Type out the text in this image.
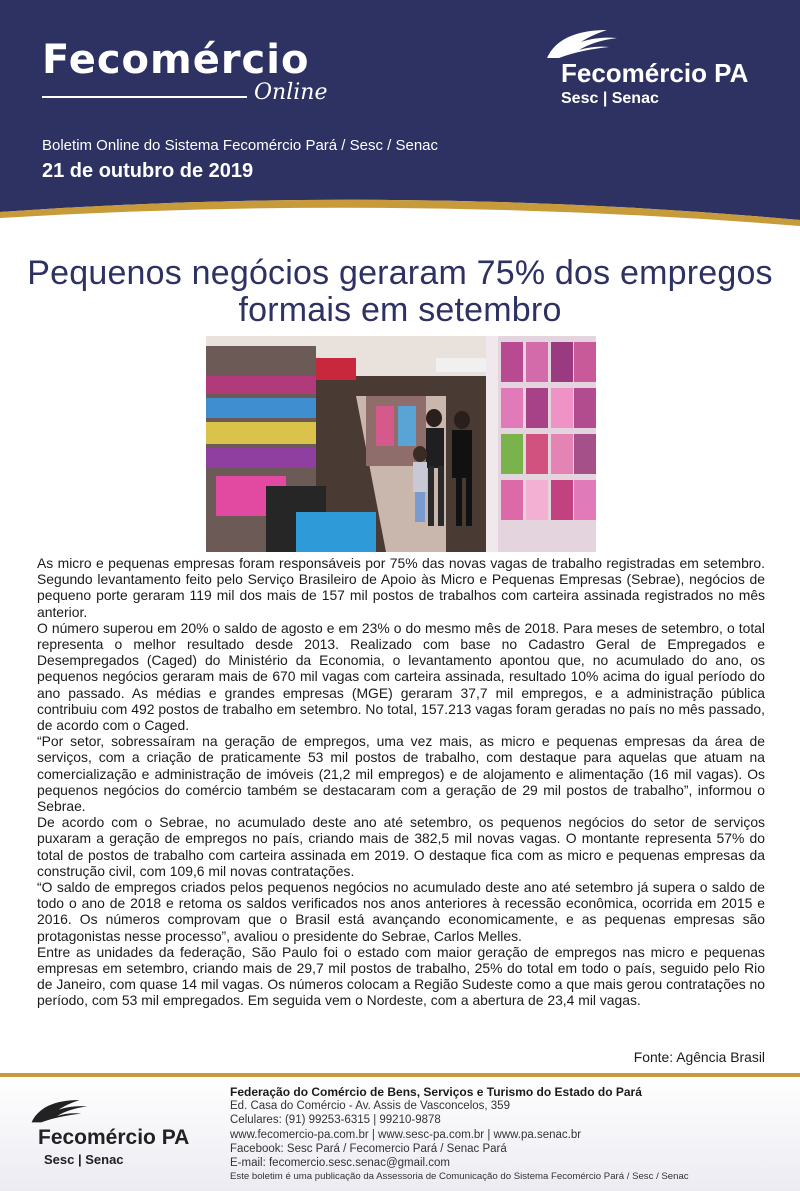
Fecomércio
Online
Fecomércio PA
Sesc | Senac
Boletim Online do Sistema Fecomércio Pará / Sesc / Senac
21 de outubro de 2019
Pequenos negócios geraram 75% dos empregos formais em setembro

As micro e pequenas empresas foram responsáveis por 75% das novas vagas de trabalho registradas em setembro. Segundo levantamento feito pelo Serviço Brasileiro de Apoio às Micro e Pequenas Empresas (Sebrae), negócios de pequeno porte geraram 119 mil dos mais de 157 mil postos de trabalhos com carteira assinada registrados no mês anterior.

O número superou em 20% o saldo de agosto e em 23% o do mesmo mês de 2018. Para meses de setembro, o total representa o melhor resultado desde 2013. Realizado com base no Cadastro Geral de Empregados e Desempregados (Caged) do Ministério da Economia, o levantamento apontou que, no acumulado do ano, os pequenos negócios geraram mais de 670 mil vagas com carteira assinada, resultado 10% acima do igual período do ano passado. As médias e grandes empresas (MGE) geraram 37,7 mil empregos, e a administração pública contribuiu com 492 postos de trabalho em setembro. No total, 157.213 vagas foram geradas no país no mês passado, de acordo com o Caged.

“Por setor, sobressaíram na geração de empregos, uma vez mais, as micro e pequenas empresas da área de serviços, com a criação de praticamente 53 mil postos de trabalho, com destaque para aquelas que atuam na comercialização e administração de imóveis (21,2 mil empregos) e de alojamento e alimentação (16 mil vagas). Os pequenos negócios do comércio também se destacaram com a geração de 29 mil postos de trabalho”, informou o Sebrae.

De acordo com o Sebrae, no acumulado deste ano até setembro, os pequenos negócios do setor de serviços puxaram a geração de empregos no país, criando mais de 382,5 mil novas vagas. O montante representa 57% do total de postos de trabalho com carteira assinada em 2019. O destaque fica com as micro e pequenas empresas da construção civil, com 109,6 mil novas contratações.

“O saldo de empregos criados pelos pequenos negócios no acumulado deste ano até setembro já supera o saldo de todo o ano de 2018 e retoma os saldos verificados nos anos anteriores à recessão econômica, ocorrida em 2015 e 2016. Os números comprovam que o Brasil está avançando economicamente, e as pequenas empresas são protagonistas nesse processo”, avaliou o presidente do Sebrae, Carlos Melles.

Entre as unidades da federação, São Paulo foi o estado com maior geração de empregos nas micro e pequenas empresas em setembro, criando mais de 29,7 mil postos de trabalho, 25% do total em todo o país, seguido pelo Rio de Janeiro, com quase 14 mil vagas. Os números colocam a Região Sudeste como a que mais gerou contratações no período, com 53 mil empregados. Em seguida vem o Nordeste, com a abertura de 23,4 mil vagas.

Fonte: Agência Brasil
Fecomércio PA
Sesc | Senac
Federação do Comércio de Bens, Serviços e Turismo do Estado do Pará
Ed. Casa do Comércio - Av. Assis de Vasconcelos, 359
Celulares: (91) 99253-6315 | 99210-9878
www.fecomercio-pa.com.br | www.sesc-pa.com.br | www.pa.senac.br
Facebook: Sesc Pará / Fecomercio Pará / Senac Pará
E-mail: fecomercio.sesc.senac@gmail.com
Este boletim é uma publicação da Assessoria de Comunicação do Sistema Fecomércio Pará / Sesc / Senac
